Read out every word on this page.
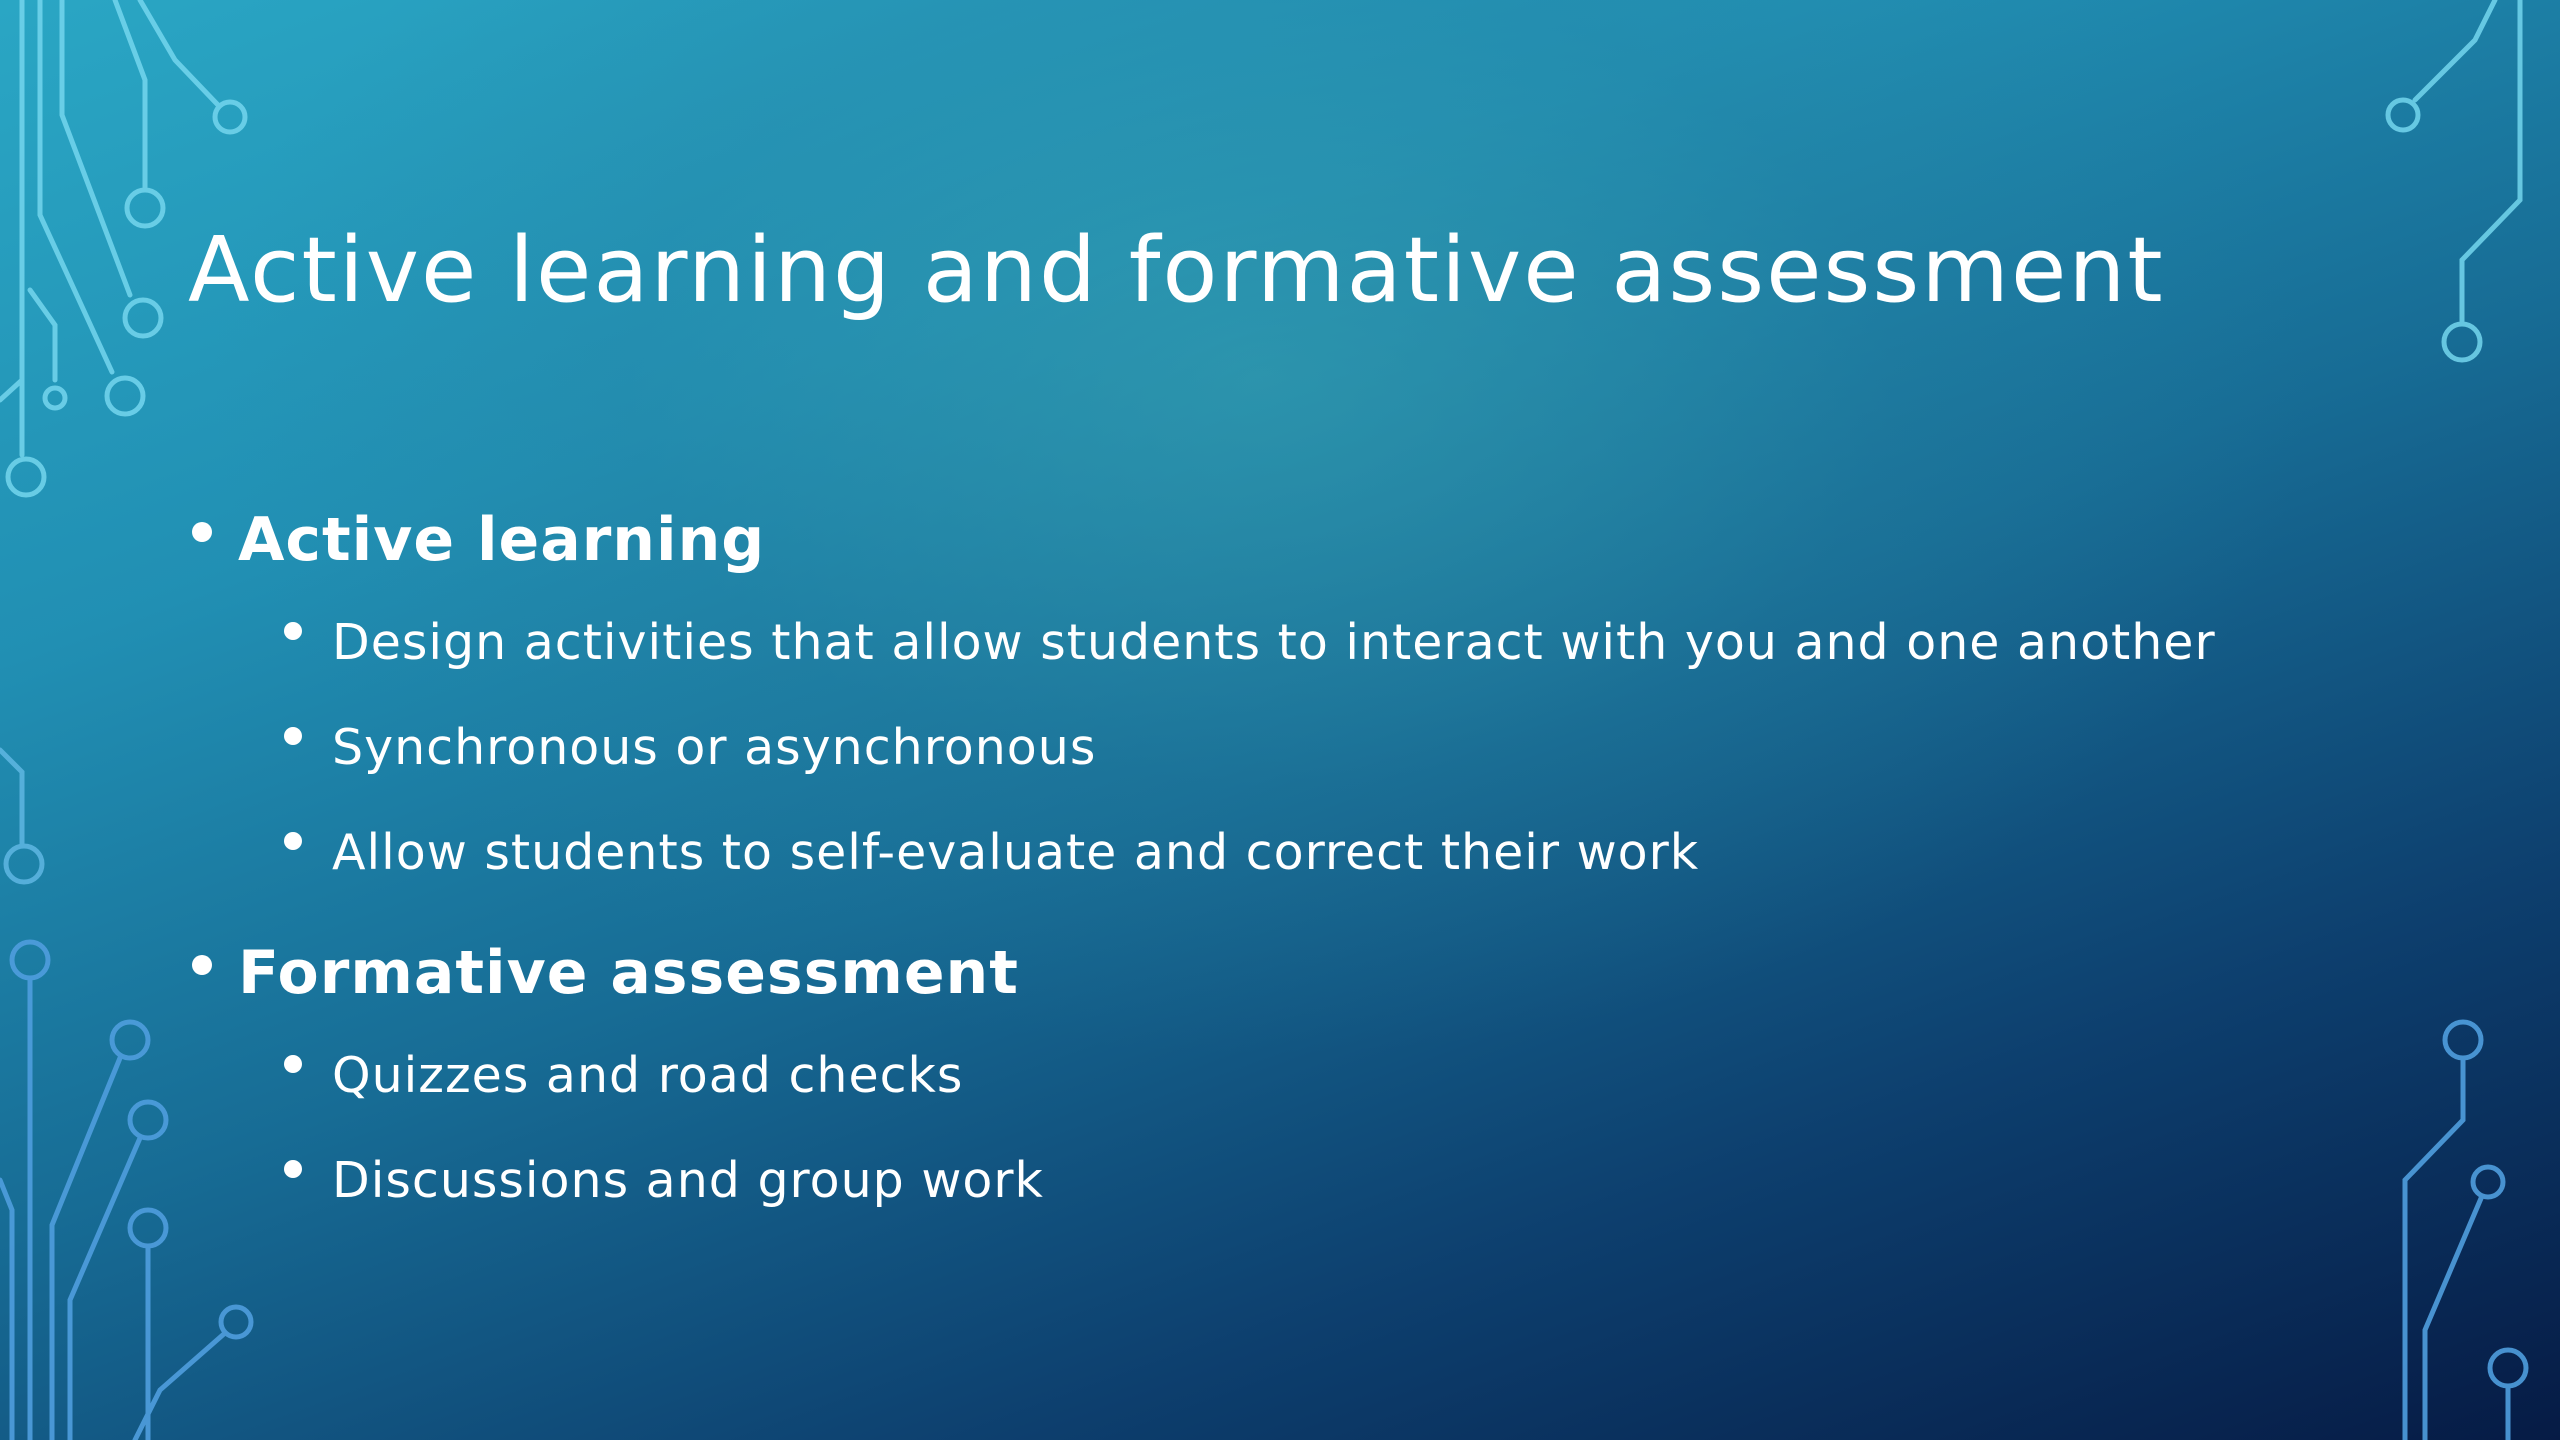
Active learning and formative assessment
Active learning
Design activities that allow students to interact with you and one another
Synchronous or asynchronous
Allow students to self-evaluate and correct their work
Formative assessment
Quizzes and road checks
Discussions and group work
